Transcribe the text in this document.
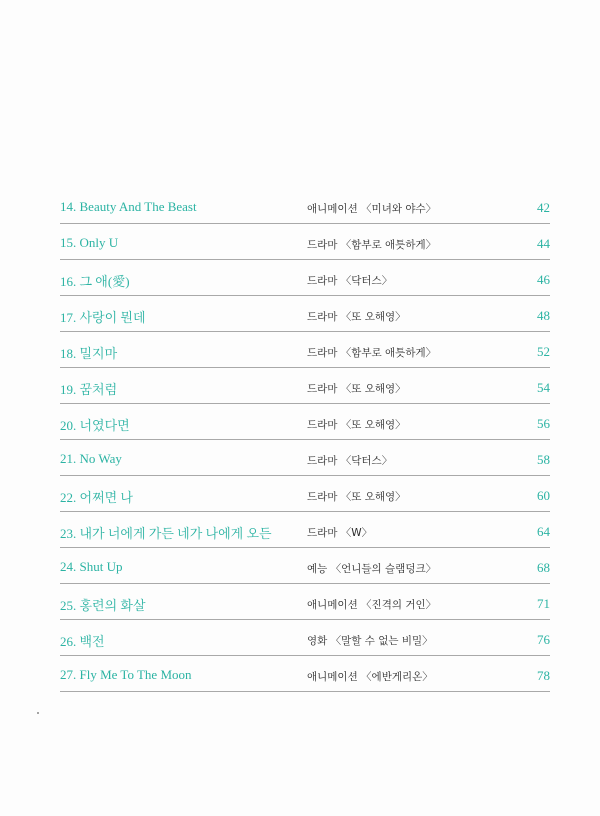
14. Beauty And The Beast	애니메이션 〈미녀와 야수〉	42
15. Only U	드라마 〈함부로 애틋하게〉	44
16. 그 애(愛)	드라마 〈닥터스〉	46
17. 사랑이 뭔데	드라마 〈또 오해영〉	48
18. 밀지마	드라마 〈함부로 애틋하게〉	52
19. 꿈처럼	드라마 〈또 오해영〉	54
20. 너였다면	드라마 〈또 오해영〉	56
21. No Way	드라마 〈닥터스〉	58
22. 어쩌면 나	드라마 〈또 오해영〉	60
23. 내가 너에게 가든 네가 나에게 오든	드라마 〈W〉	64
24. Shut Up	예능 〈언니들의 슬램덩크〉	68
25. 홍련의 화살	애니메이션 〈진격의 거인〉	71
26. 백전	영화 〈말할 수 없는 비밀〉	76
27. Fly Me To The Moon	애니메이션 〈에반게리온〉	78
